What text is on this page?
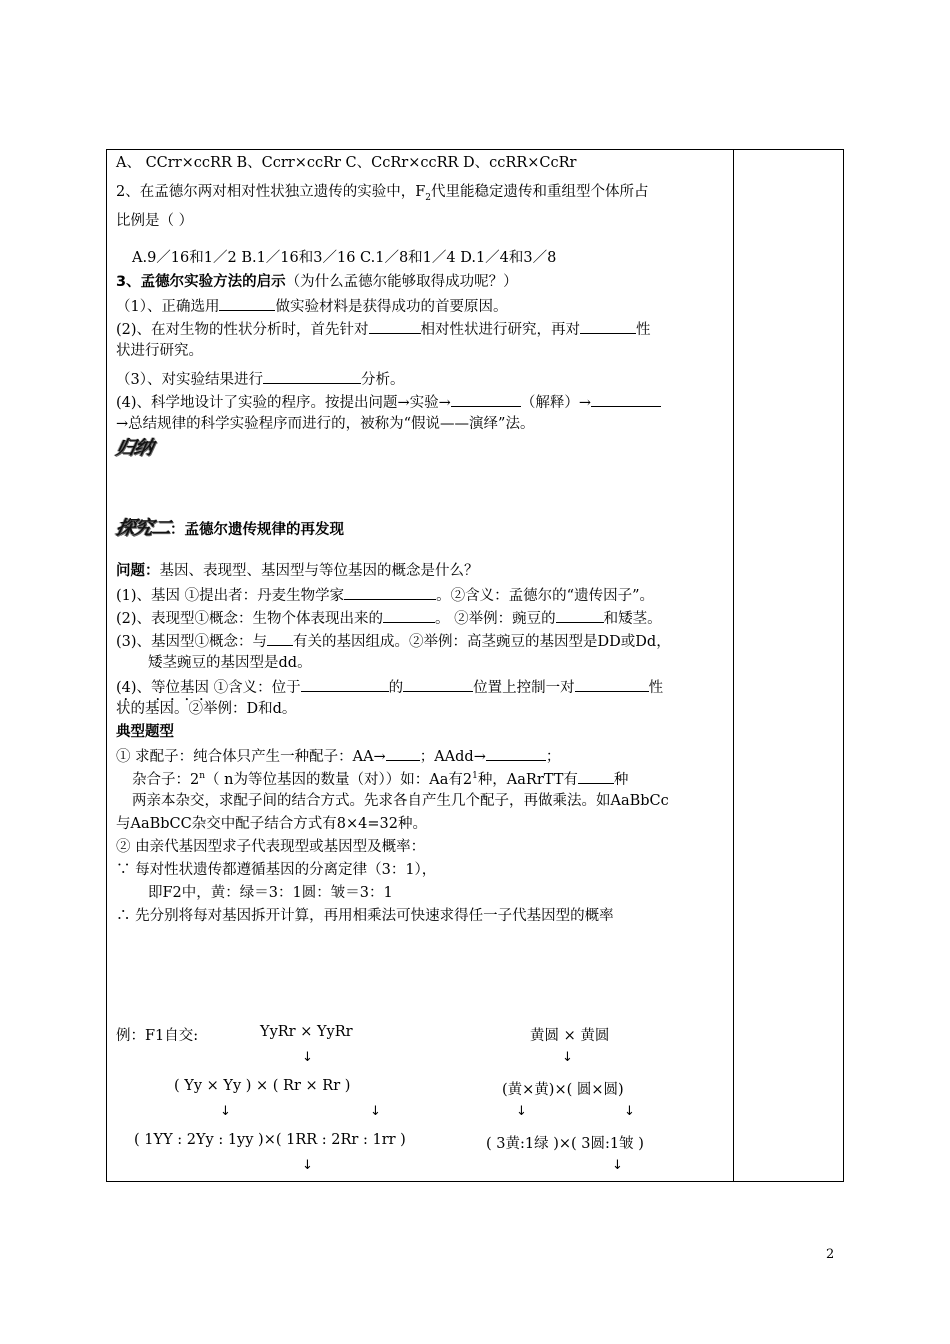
A、 CCrr×ccRR B、Ccrr×ccRr C、CcRr×ccRR D、ccRR×CcRr
2、在孟德尔两对相对性状独立遗传的实验中，$F_2$代里能稳定遗传和重组型个体所占
比例是（ ）
A.9／16和1／2 B.1／16和3／16 C.1／8和1／4 D.1／4和3／8
3、孟德尔实验方法的启示（为什么孟德尔能够取得成功呢？）
（1）、正确选用	做实验材料是获得成功的首要原因。
(2)、在对生物的性状分析时，首先针对	相对性状进行研究，再对	性
状进行研究。
（3）、对实验结果进行	分析。
(4)、科学地设计了实验的程序。按提出问题→实验→	（解释）→
→总结规律的科学实验程序而进行的，被称为“假说——演绎”法。
归纳
探究二：孟德尔遗传规律的再发现
问题：基因、表现型、基因型与等位基因的概念是什么？
(1)、基因 ①提出者：丹麦生物学家	。②含义：孟德尔的“遗传因子”。
(2)、表现型①概念：生物个体表现出来的	。 ②举例：豌豆的	和矮茎。
(3)、基因型①概念：与 有关的基因组成。②举例：高茎豌豆的基因型是DD或Dd，
矮茎豌豆的基因型是dd。
(4)、等位基因 ①含义：位于	的	位置上控制一对	性
状的基因。②举例：D和d。
典型题型
① 求配子：纯合体只产生一种配子：AA→ ；AAdd→	；
杂合子：2$^n$（ n为等位基因的数量（对））如：Aa有$2^1$种，AaRrTT有 种
两亲本杂交，求配子间的结合方式。先求各自产生几个配子，再做乘法。如AaBbCc
与AaBbCC杂交中配子结合方式有8×4=32种。
② 由亲代基因型求子代表现型或基因型及概率：
∵ 每对性状遗传都遵循基因的分离定律（3：1），
即F2中，黄：绿＝3：1圆：皱＝3：1
∴ 先分别将每对基因拆开计算，再用相乘法可快速求得任一子代基因型的概率
例：F1自交:	YyRr × YyRr	黄圆 × 黄圆
↓	↓
( Yy × Yy ) × ( Rr × Rr )	(黄×黄)×( 圆×圆)
↓	↓	↓	↓
( 1YY : 2Yy : 1yy )×( 1RR : 2Rr : 1rr )	( 3黄:1绿 )×( 3圆:1皱 )
↓	↓
2
